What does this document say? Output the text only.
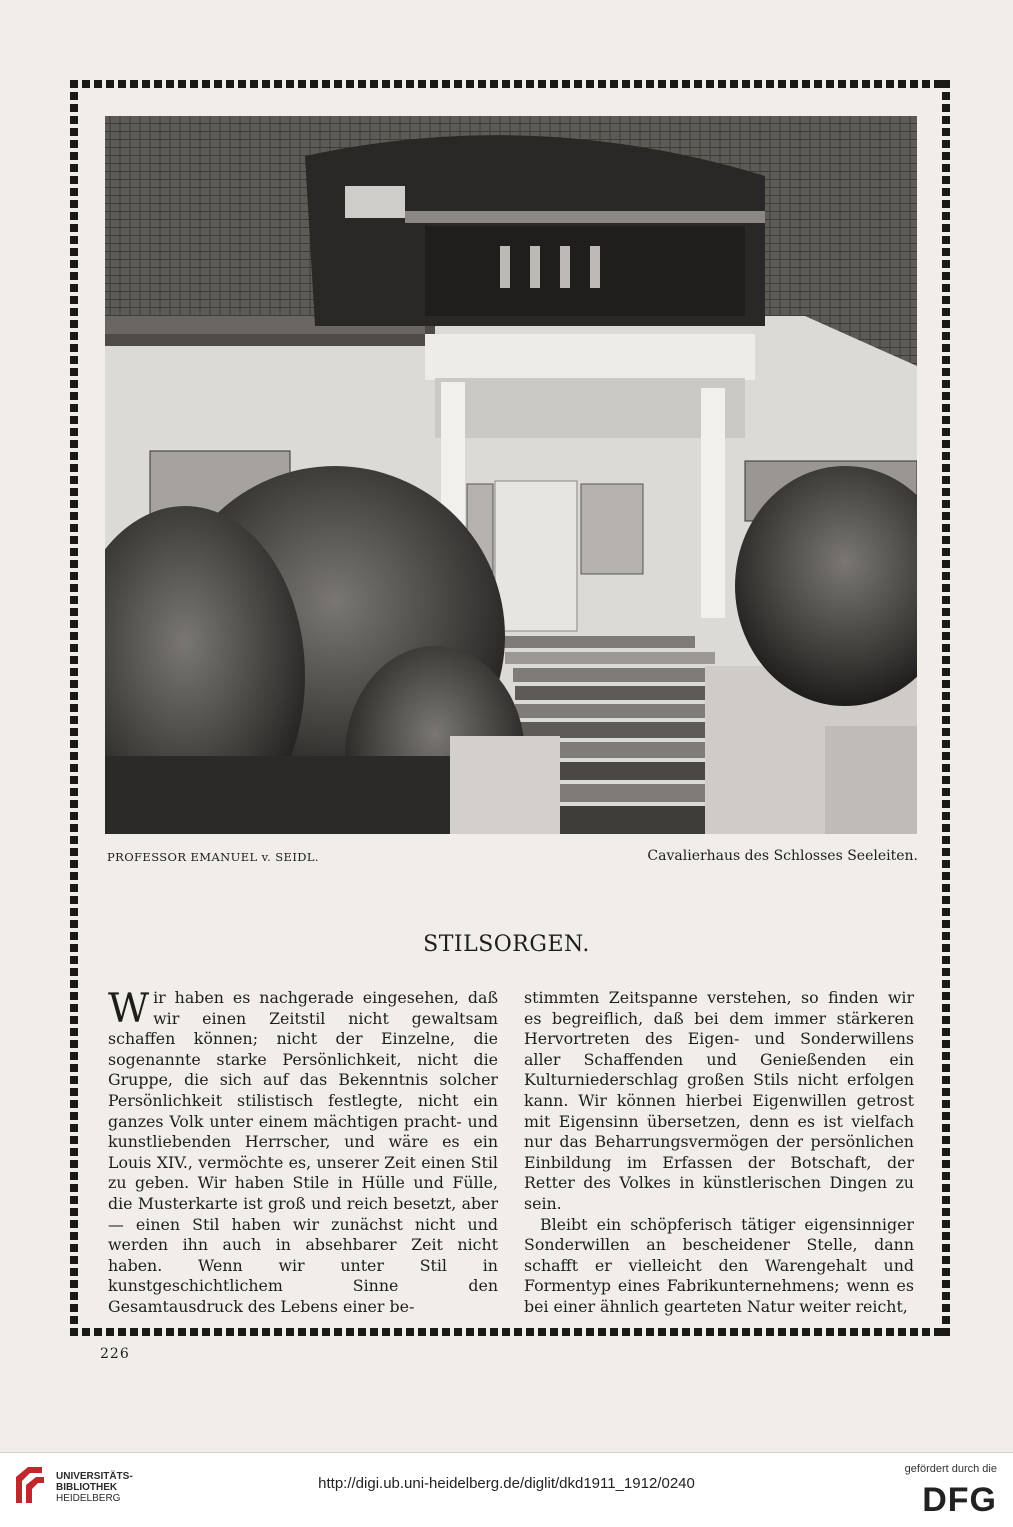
PROFESSOR EMANUEL v. SEIDL.	Cavalierhaus des Schlosses Seeleiten.
STILSORGEN.

Wir haben es nachgerade eingesehen, daß wir einen Zeitstil nicht gewaltsam schaffen können; nicht der Einzelne, die sogenannte starke Persönlichkeit, nicht die Gruppe, die sich auf das Bekenntnis solcher Persönlichkeit stilistisch festlegte, nicht ein ganzes Volk unter einem mächtigen pracht- und kunstliebenden Herrscher, und wäre es ein Louis XIV., vermöchte es, unserer Zeit einen Stil zu geben. Wir haben Stile in Hülle und Fülle, die Musterkarte ist groß und reich besetzt, aber — einen Stil haben wir zunächst nicht und werden ihn auch in absehbarer Zeit nicht haben. Wenn wir unter Stil in kunstgeschichtlichem Sinne den Gesamtausdruck des Lebens einer be-

stimmten Zeitspanne verstehen, so finden wir es begreiflich, daß bei dem immer stärkeren Hervortreten des Eigen- und Sonderwillens aller Schaffenden und Genießenden ein Kulturniederschlag großen Stils nicht erfolgen kann. Wir können hierbei Eigenwillen getrost mit Eigensinn übersetzen, denn es ist vielfach nur das Beharrungsvermögen der persönlichen Einbildung im Erfassen der Botschaft, der Retter des Volkes in künstlerischen Dingen zu sein.

Bleibt ein schöpferisch tätiger eigensinniger Sonderwillen an bescheidener Stelle, dann schafft er vielleicht den Warengehalt und Formentyp eines Fabrikunternehmens; wenn es bei einer ähnlich gearteten Natur weiter reicht,

226
UNIVERSITÄTS-
BIBLIOTHEK
HEIDELBERG
http://digi.ub.uni-heidelberg.de/diglit/dkd1911_1912/0240
gefördert durch die
DFG
